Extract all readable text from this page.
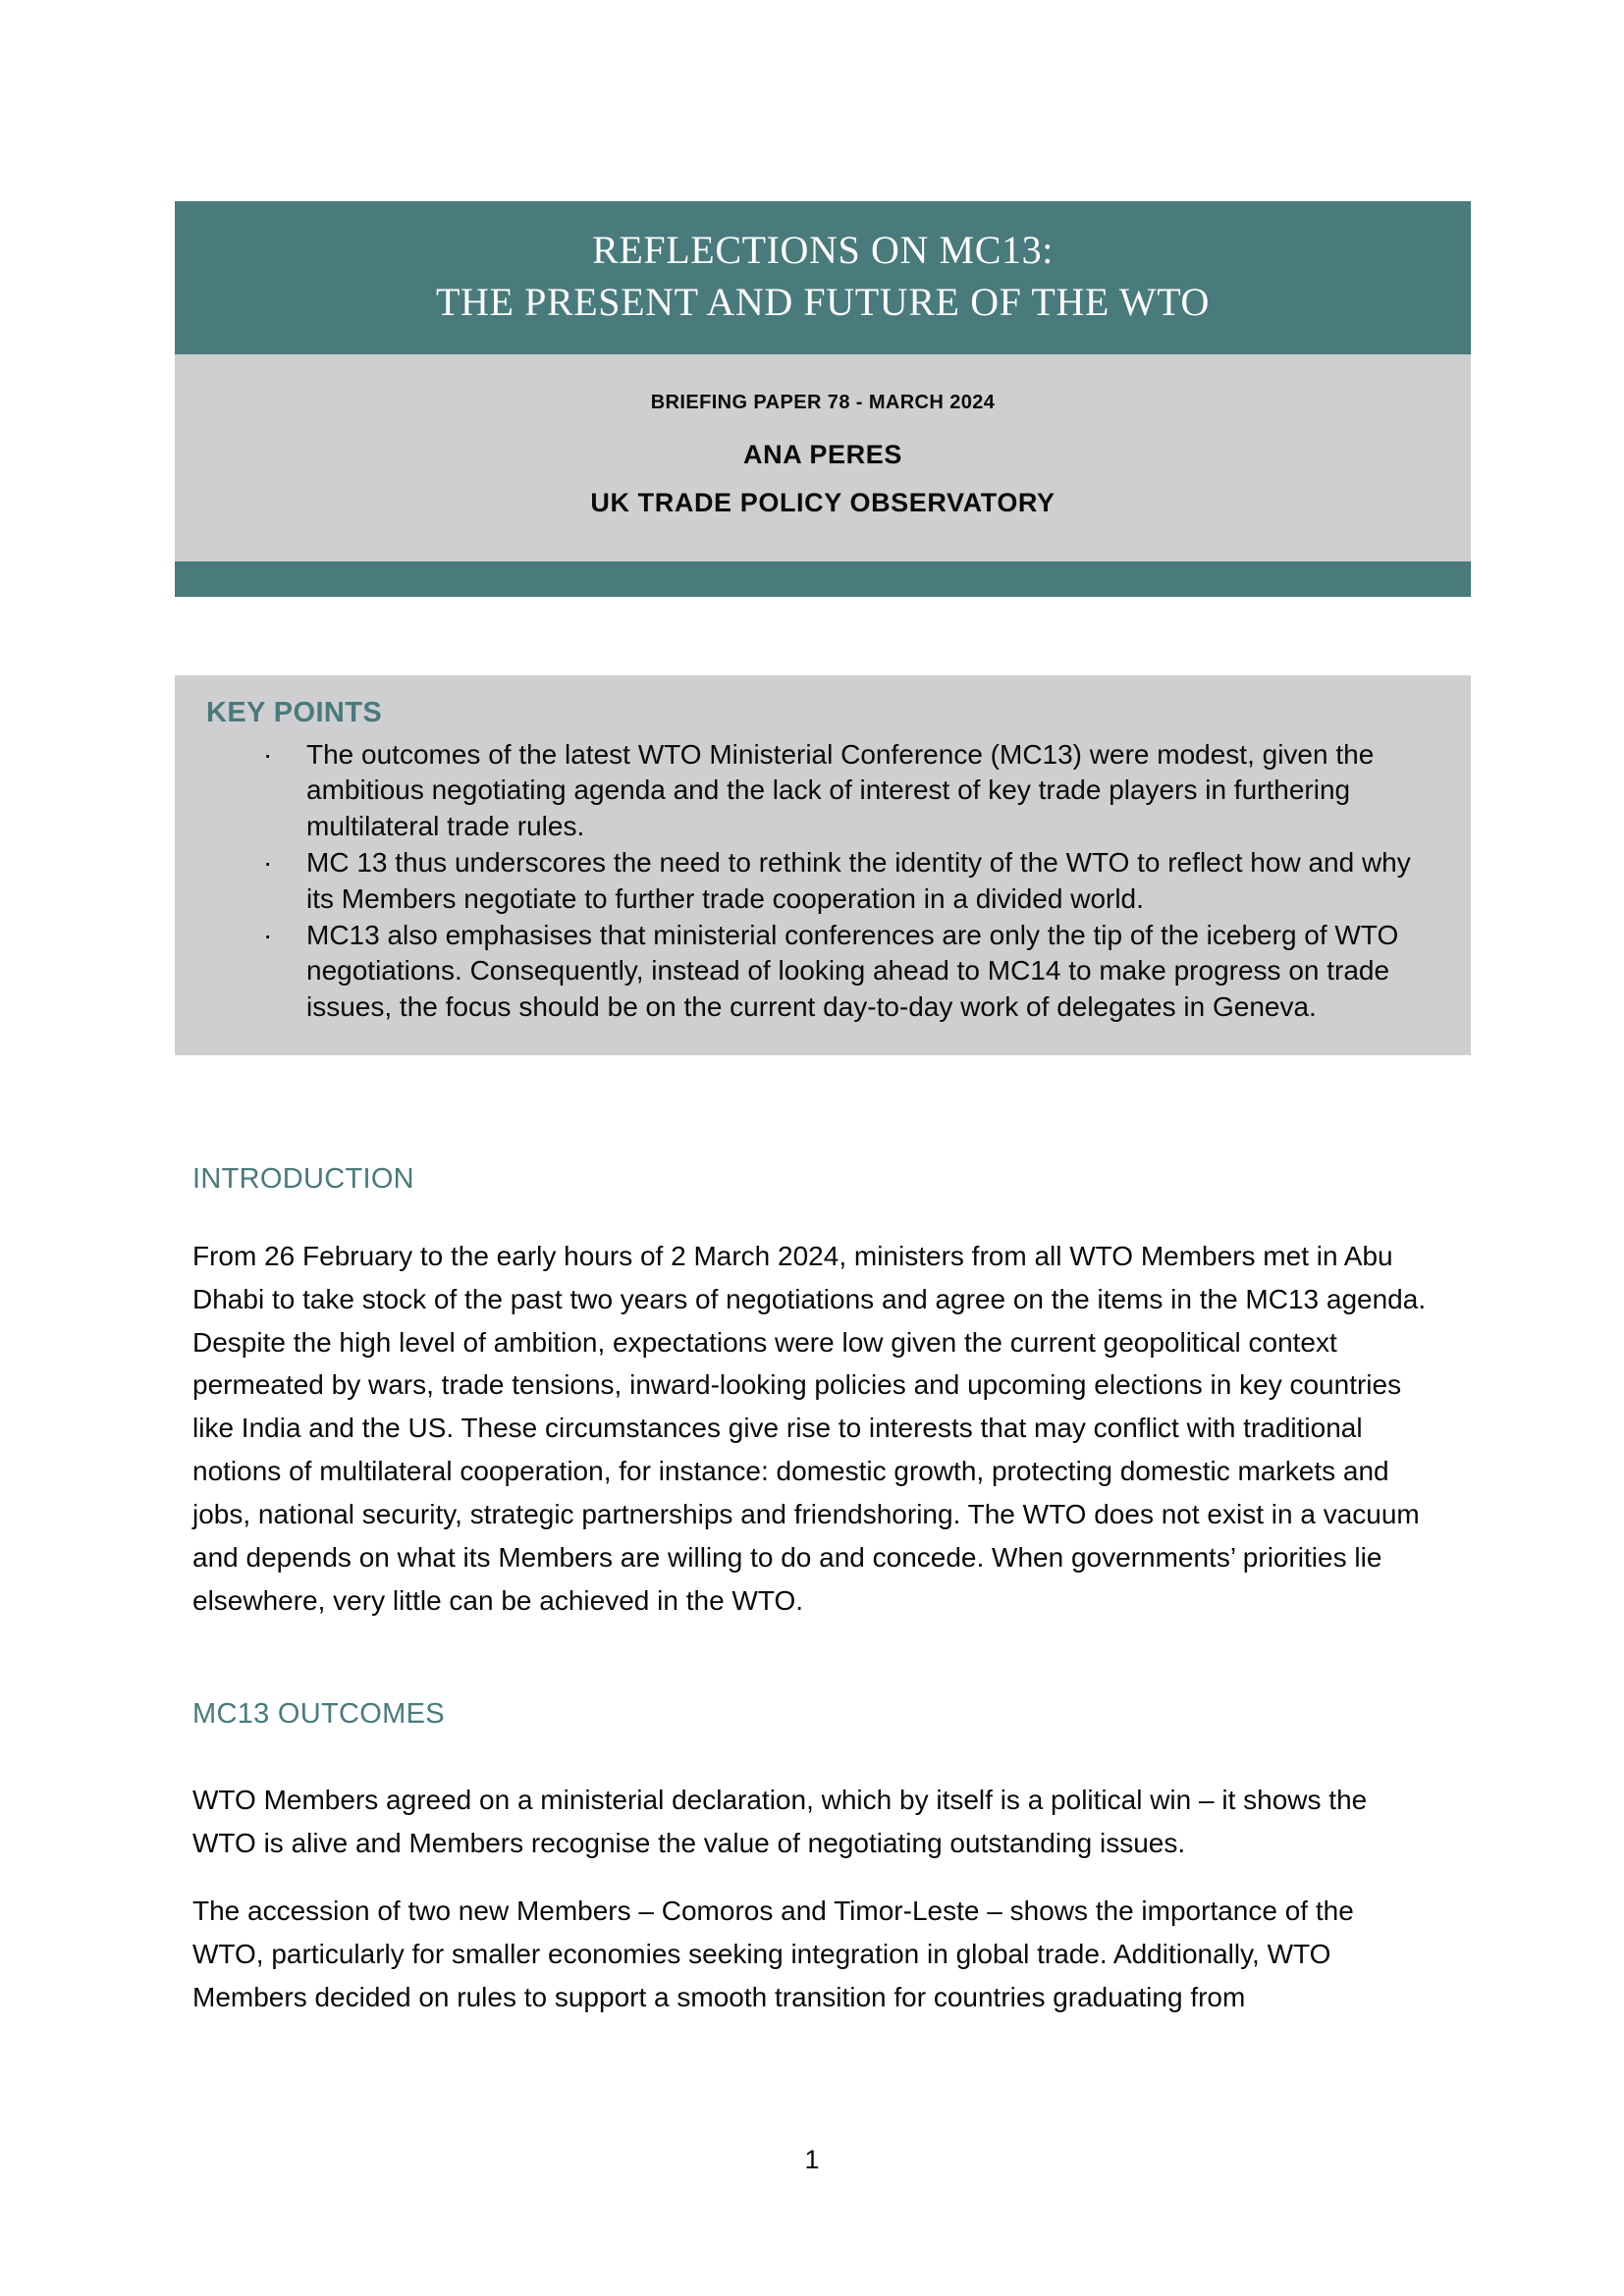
REFLECTIONS ON MC13:
THE PRESENT AND FUTURE OF THE WTO

BRIEFING PAPER 78 - MARCH 2024

ANA PERES

UK TRADE POLICY OBSERVATORY

KEY POINTS
· The outcomes of the latest WTO Ministerial Conference (MC13) were modest, given the ambitious negotiating agenda and the lack of interest of key trade players in furthering multilateral trade rules.
· MC 13 thus underscores the need to rethink the identity of the WTO to reflect how and why its Members negotiate to further trade cooperation in a divided world.
· MC13 also emphasises that ministerial conferences are only the tip of the iceberg of WTO negotiations. Consequently, instead of looking ahead to MC14 to make progress on trade issues, the focus should be on the current day-to-day work of delegates in Geneva.
INTRODUCTION
From 26 February to the early hours of 2 March 2024, ministers from all WTO Members met in Abu Dhabi to take stock of the past two years of negotiations and agree on the items in the MC13 agenda. Despite the high level of ambition, expectations were low given the current geopolitical context permeated by wars, trade tensions, inward-looking policies and upcoming elections in key countries like India and the US. These circumstances give rise to interests that may conflict with traditional notions of multilateral cooperation, for instance: domestic growth, protecting domestic markets and jobs, national security, strategic partnerships and friendshoring. The WTO does not exist in a vacuum and depends on what its Members are willing to do and concede. When governments’ priorities lie elsewhere, very little can be achieved in the WTO.
MC13 OUTCOMES
WTO Members agreed on a ministerial declaration, which by itself is a political win – it shows the WTO is alive and Members recognise the value of negotiating outstanding issues.
The accession of two new Members – Comoros and Timor-Leste – shows the importance of the WTO, particularly for smaller economies seeking integration in global trade. Additionally, WTO Members decided on rules to support a smooth transition for countries graduating from
1
